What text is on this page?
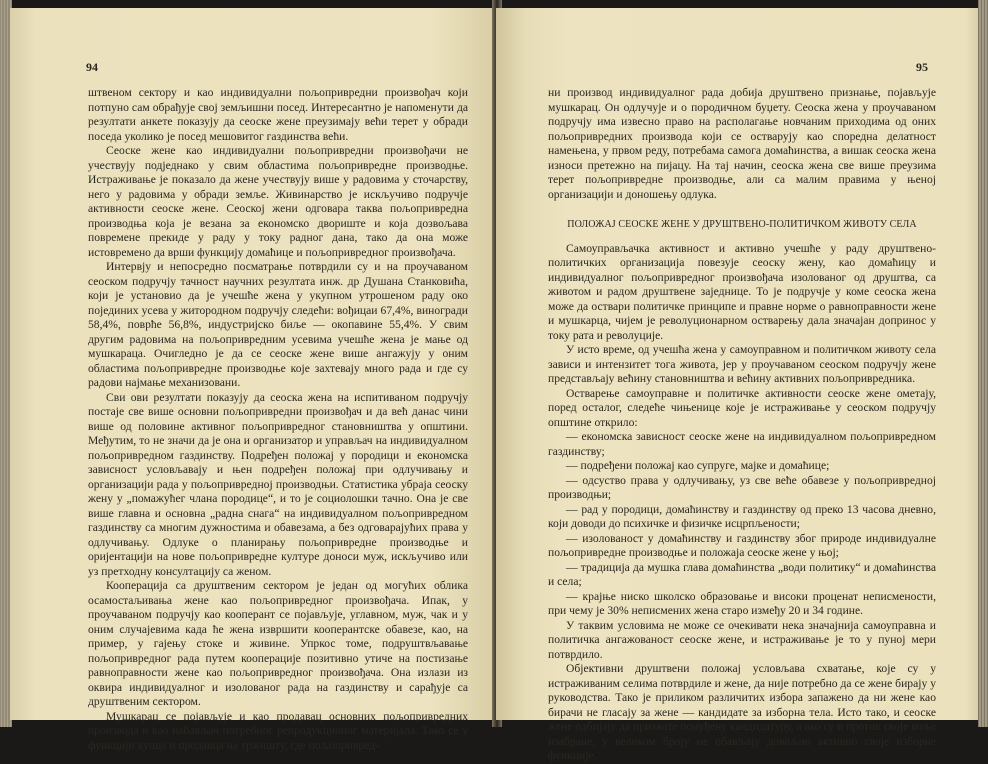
94

штвеном сектору и као индивидуални пољопривредни произвођач који потпуно сам обрађује свој земљишни посед. Интересантно је напоменути да резултати анкете показују да сеоске жене преузимају већи терет у обради поседа уколико је посед мешовитог газдинства већи.

Сеоске жене као индивидуални пољопривредни произвођачи не учествују подједнако у свим областима пољопривредне производње. Истраживање је показало да жене учествују више у радовима у сточарству, него у радовима у обради земље. Живинарство је искључиво подручје активности сеоске жене. Сеоској жени одговара таква пољопривредна производња која је везана за економско двориште и која дозвољава повремене прекиде у раду у току радног дана, тако да она може истовремено да врши функцију домаћице и пољопривредног произвођача.

Интервју и непосредно посматрање потврдили су и на проучаваном сеоском подручју тачност научних резултата инж. др Душана Станковића, који је установио да је учешће жена у укупном утрошеном раду око појединих усева у житородном подручју следећи: вођицаи 67,4%, виногради 58,4%, поврће 56,8%, индустријско биље — окопавине 55,4%. У свим другим радовима на пољопривредним усевима учешће жена је мање од мушкараца. Очигледно је да се сеоске жене више ангажују у оним областима пољопривредне производње које захтевају много рада и где су радови најмање механизовани.

Сви ови резултати показују да сеоска жена на испитиваном подручју постаје све више основни пољопривредни произвођач и да већ данас чини више од половине активног пољопривредног становништва у општини. Међутим, то не значи да је она и организатор и управљач на индивидуалном пољопривредном газдинству. Подређен положај у породици и економска зависност условљавају и њен подређен положај при одлучивању и организацији рада у пољопривредној производњи. Статистика убраја сеоску жену у „помажућег члана породице“, и то је социолошки тачно. Она је све више главна и основна „радна снага“ на индивидуалном пољопривредном газдинству са многим дужностима и обавезама, а без одговарајућих права у одлучивању. Одлуке о планирању пољопривредне производње и оријентацији на нове пољопривредне културе доноси муж, искључиво или уз претходну консултацију са женом.

Кооперација са друштвеним сектором је један од могућих облика осамостаљивања жене као пољопривредног произвођача. Ипак, у проучаваном подручју као кооперант се појављује, углавном, муж, чак и у оним случајевима када ће жена извршити кооперантске обавезе, као, на пример, у гајењу стоке и живине. Упркос томе, подруштвљавање пољопривредног рада путем кооперације позитивно утиче на постизање равноправности жене као пољопривредног произвођача. Она излази из оквира индивидуалног и изолованог рада на газдинству и сарађује са друштвеним сектором.

Мушкарац се појављује и као продавац основних пољопривредних производа и као набављач потребног репродукционог материјала. Тако се у функцији купца и продавца на тржишту, где пољопривред-

95

ни производ индивидуалног рада добија друштвено признање, појављује мушкарац. Он одлучује и о породичном буџету. Сеоска жена у проучаваном подручју има извесно право на располагање новчаним приходима од оних пољопривредних производа који се остварују као споредна делатност намењена, у првом реду, потребама самога домаћинства, а вишак сеоска жена износи претежно на пијацу. На тај начин, сеоска жена све више преузима терет пољопривредне производње, али са малим правима у њеној организацији и доношењу одлука.

ПОЛОЖАЈ СЕОСКЕ ЖЕНЕ У ДРУШТВЕНО-ПОЛИТИЧКОМ ЖИВОТУ СЕЛА

Самоуправљачка активност и активно учешће у раду друштвено-политичких организација повезује сеоску жену, као домаћицу и индивидуалног пољопривредног произвођача изолованог од друштва, са животом и радом друштвене заједнице. То је подручје у коме сеоска жена може да оствари политичке принципе и правне норме о равноправности жене и мушкарца, чијем је револуционарном остварењу дала значајан допринос у току рата и револуције.

У исто време, од учешћа жена у самоуправном и политичком животу села зависи и интензитет тога живота, јер у проучаваном сеоском подручју жене представљају већину становништва и већину активних пољопривредника.

Остварење самоуправне и политичке активности сеоске жене ометају, поред осталог, следеће чињенице које је истраживање у сеоском подручју општине открило:

— економска зависност сеоске жене на индивидуалном пољопривредном газдинству;

— подређени положај као супруге, мајке и домаћице;

— одсуство права у одлучивању, уз све веће обавезе у пољопривредној производњи;

— рад у породици, домаћинству и газдинству од преко 13 часова дневно, који доводи до психичке и физичке исцрпљености;

— изолованост у домаћинству и газдинству због природе индивидуалне пољопривредне производње и положаја сеоске жене у њој;

— традиција да мушка глава домаћинства „води политику“ и домаћинства и села;

— крајње ниско школско образовање и високи проценат неписмености, при чему је 30% неписмених жена старо између 20 и 34 године.

У таквим условима не може се очекивати нека значајнија самоуправна и политичка ангажованост сеоске жене, и истраживање је то у пуној мери потврдило.

Објективни друштвени положај условљава схватање, које су у истраживаним селима потврдиле и жене, да није потребно да се жене бирају у руководства. Тако је приликом различитих избора запажено да ни жене као бирачи не гласају за жене — кандидате за изборна тела. Исто тако, и сеоске жене одбијају да прихвате понуђену кандидатуру, а ако су и против своје воље изабране, у великом броју не обављају довољно активно своје изборне функције.
